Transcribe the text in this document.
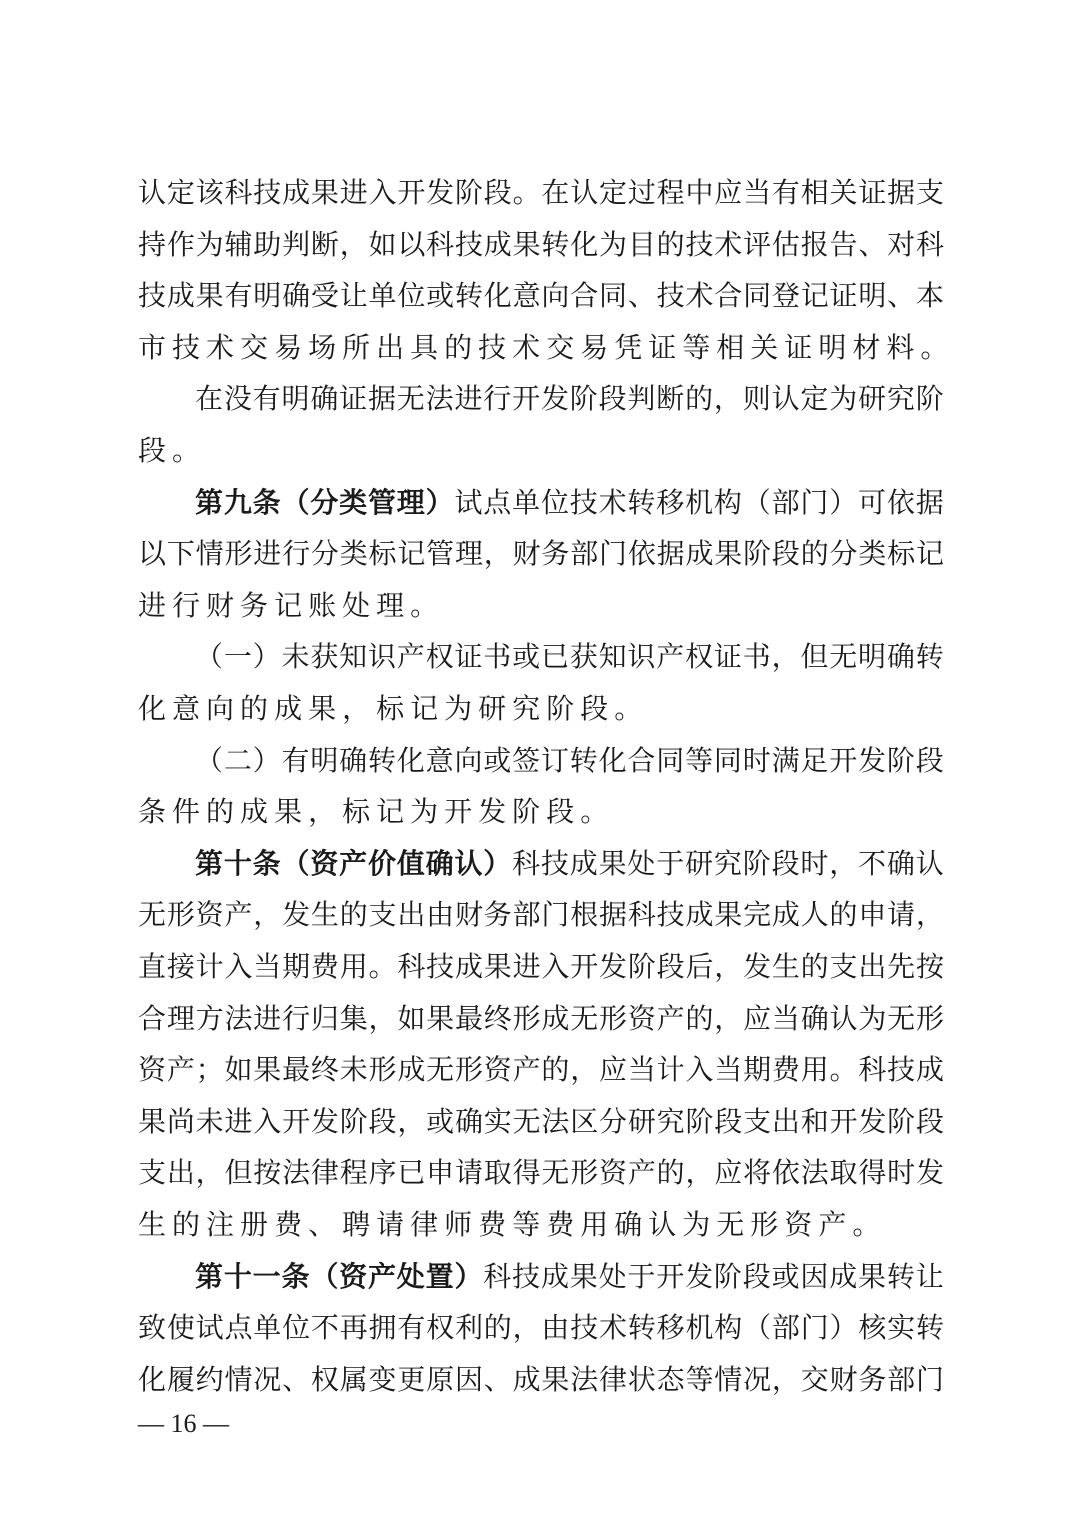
认 定 该 科 技 成 果 进 入 开 发 阶 段 。 在 认 定 过 程 中 应 当 有 相 关 证 据 支
持 作 为 辅 助 判 断 ， 如 以 科 技 成 果 转 化 为 目 的 技 术 评 估 报 告 、 对 科
技 成 果 有 明 确 受 让 单 位 或 转 化 意 向 合 同 、 技 术 合 同 登 记 证 明 、 本
市 技 术 交 易 场 所 出 具 的 技 术 交 易 凭 证 等 相 关 证 明 材 料 。
在 没 有 明 确 证 据 无 法 进 行 开 发 阶 段 判 断 的 ， 则 认 定 为 研 究 阶
段 。
第 九 条 （ 分 类 管 理 ） 试 点 单 位 技 术 转 移 机 构 （ 部 门 ） 可 依 据
以 下 情 形 进 行 分 类 标 记 管 理 ， 财 务 部 门 依 据 成 果 阶 段 的 分 类 标 记
进 行 财 务 记 账 处 理 。
（ 一 ） 未 获 知 识 产 权 证 书 或 已 获 知 识 产 权 证 书 ， 但 无 明 确 转
化 意 向 的 成 果 ， 标 记 为 研 究 阶 段 。
（ 二 ） 有 明 确 转 化 意 向 或 签 订 转 化 合 同 等 同 时 满 足 开 发 阶 段
条 件 的 成 果 ， 标 记 为 开 发 阶 段 。
第 十 条 （ 资 产 价 值 确 认 ） 科 技 成 果 处 于 研 究 阶 段 时 ， 不 确 认
无 形 资 产 ， 发 生 的 支 出 由 财 务 部 门 根 据 科 技 成 果 完 成 人 的 申 请 ，
直 接 计 入 当 期 费 用 。 科 技 成 果 进 入 开 发 阶 段 后 ， 发 生 的 支 出 先 按
合 理 方 法 进 行 归 集 ， 如 果 最 终 形 成 无 形 资 产 的 ， 应 当 确 认 为 无 形
资 产 ； 如 果 最 终 未 形 成 无 形 资 产 的 ， 应 当 计 入 当 期 费 用 。 科 技 成
果 尚 未 进 入 开 发 阶 段 ， 或 确 实 无 法 区 分 研 究 阶 段 支 出 和 开 发 阶 段
支 出 ， 但 按 法 律 程 序 已 申 请 取 得 无 形 资 产 的 ， 应 将 依 法 取 得 时 发
生 的 注 册 费 、 聘 请 律 师 费 等 费 用 确 认 为 无 形 资 产 。
第 十 一 条 （ 资 产 处 置 ） 科 技 成 果 处 于 开 发 阶 段 或 因 成 果 转 让
致 使 试 点 单 位 不 再 拥 有 权 利 的 ， 由 技 术 转 移 机 构 （ 部 门 ） 核 实 转
化 履 约 情 况 、 权 属 变 更 原 因 、 成 果 法 律 状 态 等 情 况 ， 交 财 务 部 门
— 16 —
